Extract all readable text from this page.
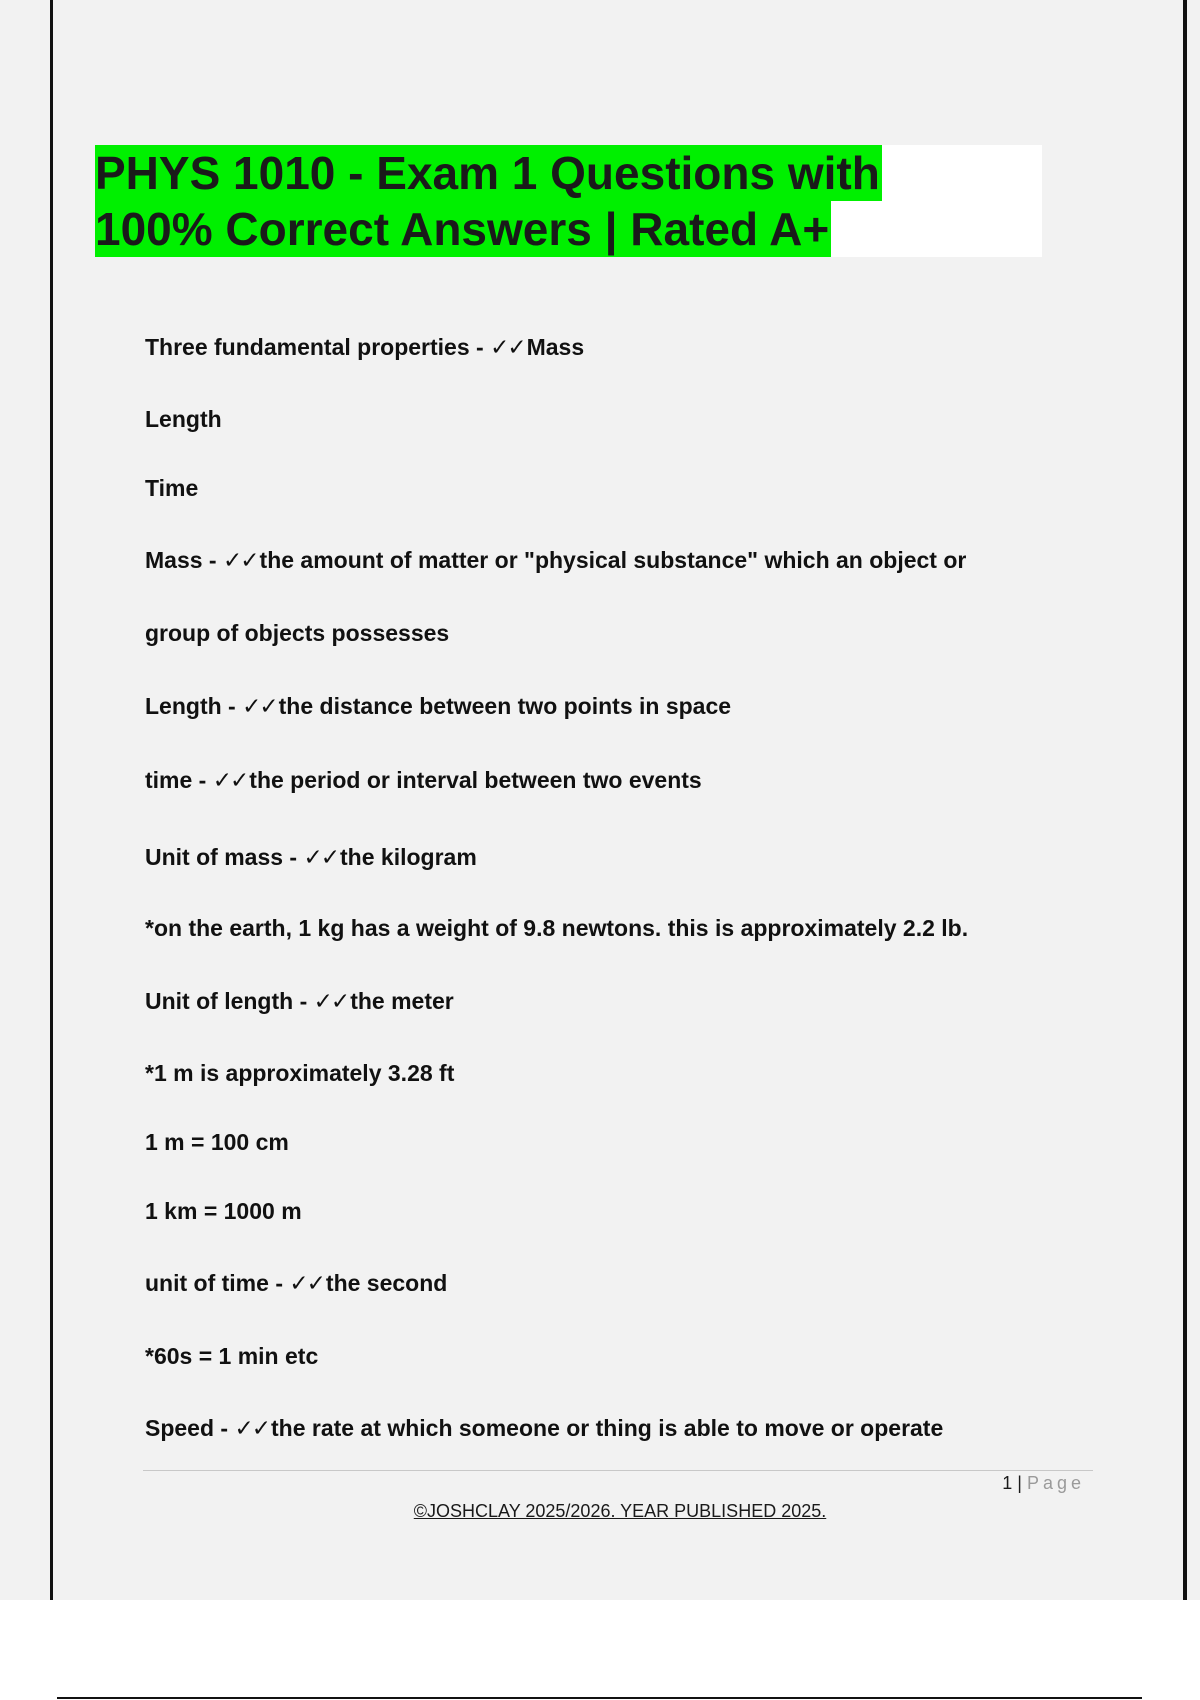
PHYS 1010 - Exam 1 Questions with
100% Correct Answers | Rated A+

Three fundamental properties - ✓✓Mass

Length

Time

Mass - ✓✓the amount of matter or "physical substance" which an object or

group of objects possesses

Length - ✓✓the distance between two points in space

time - ✓✓the period or interval between two events

Unit of mass - ✓✓the kilogram

*on the earth, 1 kg has a weight of 9.8 newtons. this is approximately 2.2 lb.

Unit of length - ✓✓the meter

*1 m is approximately 3.28 ft

1 m = 100 cm

1 km = 1000 m

unit of time - ✓✓the second

*60s = 1 min etc

Speed - ✓✓the rate at which someone or thing is able to move or operate

1 | Page
©JOSHCLAY 2025/2026. YEAR PUBLISHED 2025.
